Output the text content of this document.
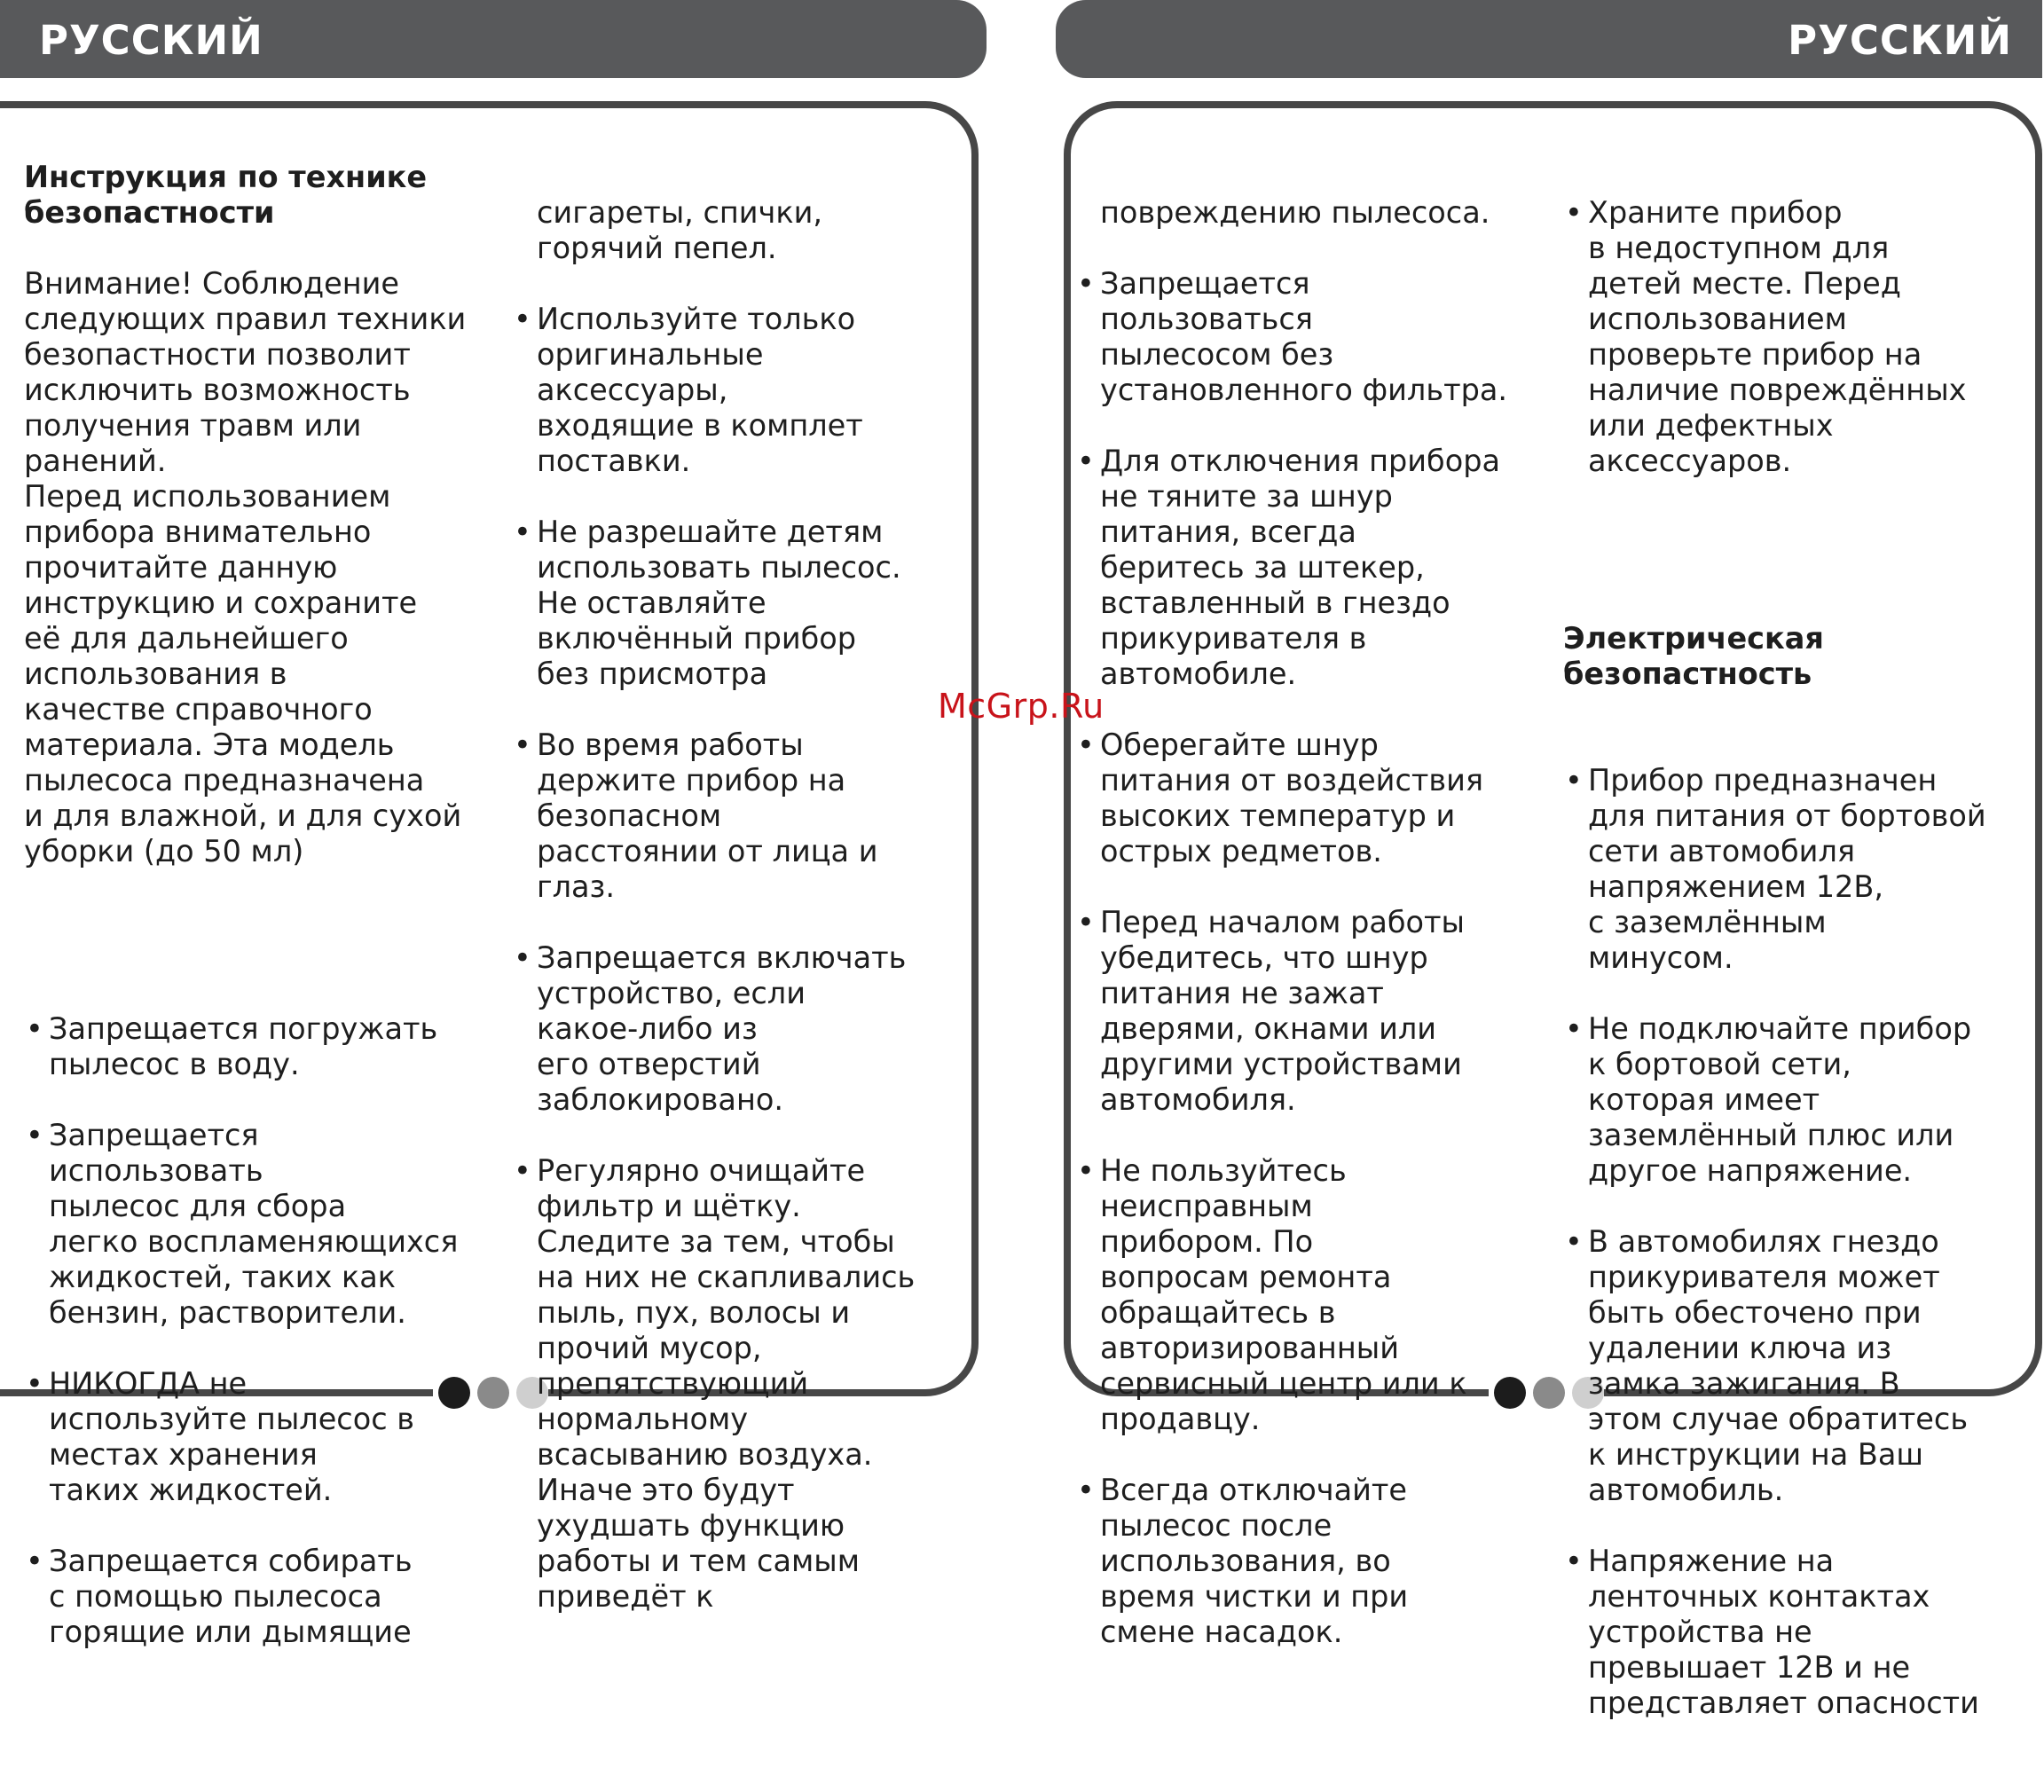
РУССКИЙ	РУССКИЙ

Инструкция по технике
безопастности

Внимание! Соблюдение
следующих правил техники
безопастности позволит
исключить возможность
получения травм или
ранений.
Перед использованием
прибора внимательно
прочитайте данную
инструкцию и сохраните
её для дальнейшего
использования в
качестве справочного
материала. Эта модель
пылесоса предназначена
и для влажной, и для сухой
уборки (до 50 мл)

• Запрещается погружать
пылесос в воду.

• Запрещается
использовать
пылесос для сбора
легко воспламеняющихся
жидкостей, таких как
бензин, растворители.

• НИКОГДА не
используйте пылесос в
местах хранения
таких жидкостей.

• Запрещается собирать
с помощью пылесоса
горящие или дымящие

сигареты, спички,
горячий пепел.

• Используйте только
оригинальные
аксессуары,
входящие в комплет
поставки.

• Не разрешайте детям
использовать пылесос.
Не оставляйте
включённый прибор
без присмотра

• Во время работы
держите прибор на
безопасном
расстоянии от лица и
глаз.

• Запрещается включать
устройство, если
какое-либо из
его отверстий
заблокировано.

• Регулярно очищайте
фильтр и щётку.
Следите за тем, чтобы
на них не скапливались
пыль, пух, волосы и
прочий мусор,
препятствующий
нормальному
всасыванию воздуха.
Иначе это будут
ухудшать функцию
работы и тем самым
приведёт к

повреждению пылесоса.

• Запрещается
пользоваться
пылесосом без
установленного фильтра.

• Для отключения прибора
не тяните за шнур
питания, всегда
беритесь за штекер,
вставленный в гнездо
прикуривателя в
автомобиле.

• Оберегайте шнур
питания от воздействия
высоких температур и
острых редметов.

• Перед началом работы
убедитесь, что шнур
питания не зажат
дверями, окнами или
другими устройствами
автомобиля.

• Не пользуйтесь
неисправным
прибором. По
вопросам ремонта
обращайтесь в
авторизированный
сервисный центр или к
продавцу.

• Всегда отключайте
пылесос после
использования, во
время чистки и при
смене насадок.

• Храните прибор
в недоступном для
детей месте. Перед
использованием
проверьте прибор на
наличие повреждённых
или дефектных
аксессуаров.

Электрическая
безопастность

• Прибор предназначен
для питания от бортовой
сети автомобиля
напряжением 12В,
с заземлённым
минусом.

• Не подключайте прибор
к бортовой сети,
которая имеет
заземлённый плюс или
другое напряжение.

• В автомобилях гнездо
прикуривателя может
быть обесточено при
удалении ключа из
замка зажигания. В
этом случае обратитесь
к инструкции на Ваш
автомобиль.

• Напряжение на
ленточных контактах
устройства не
превышает 12В и не
представляет опасности

McGrp.Ru
